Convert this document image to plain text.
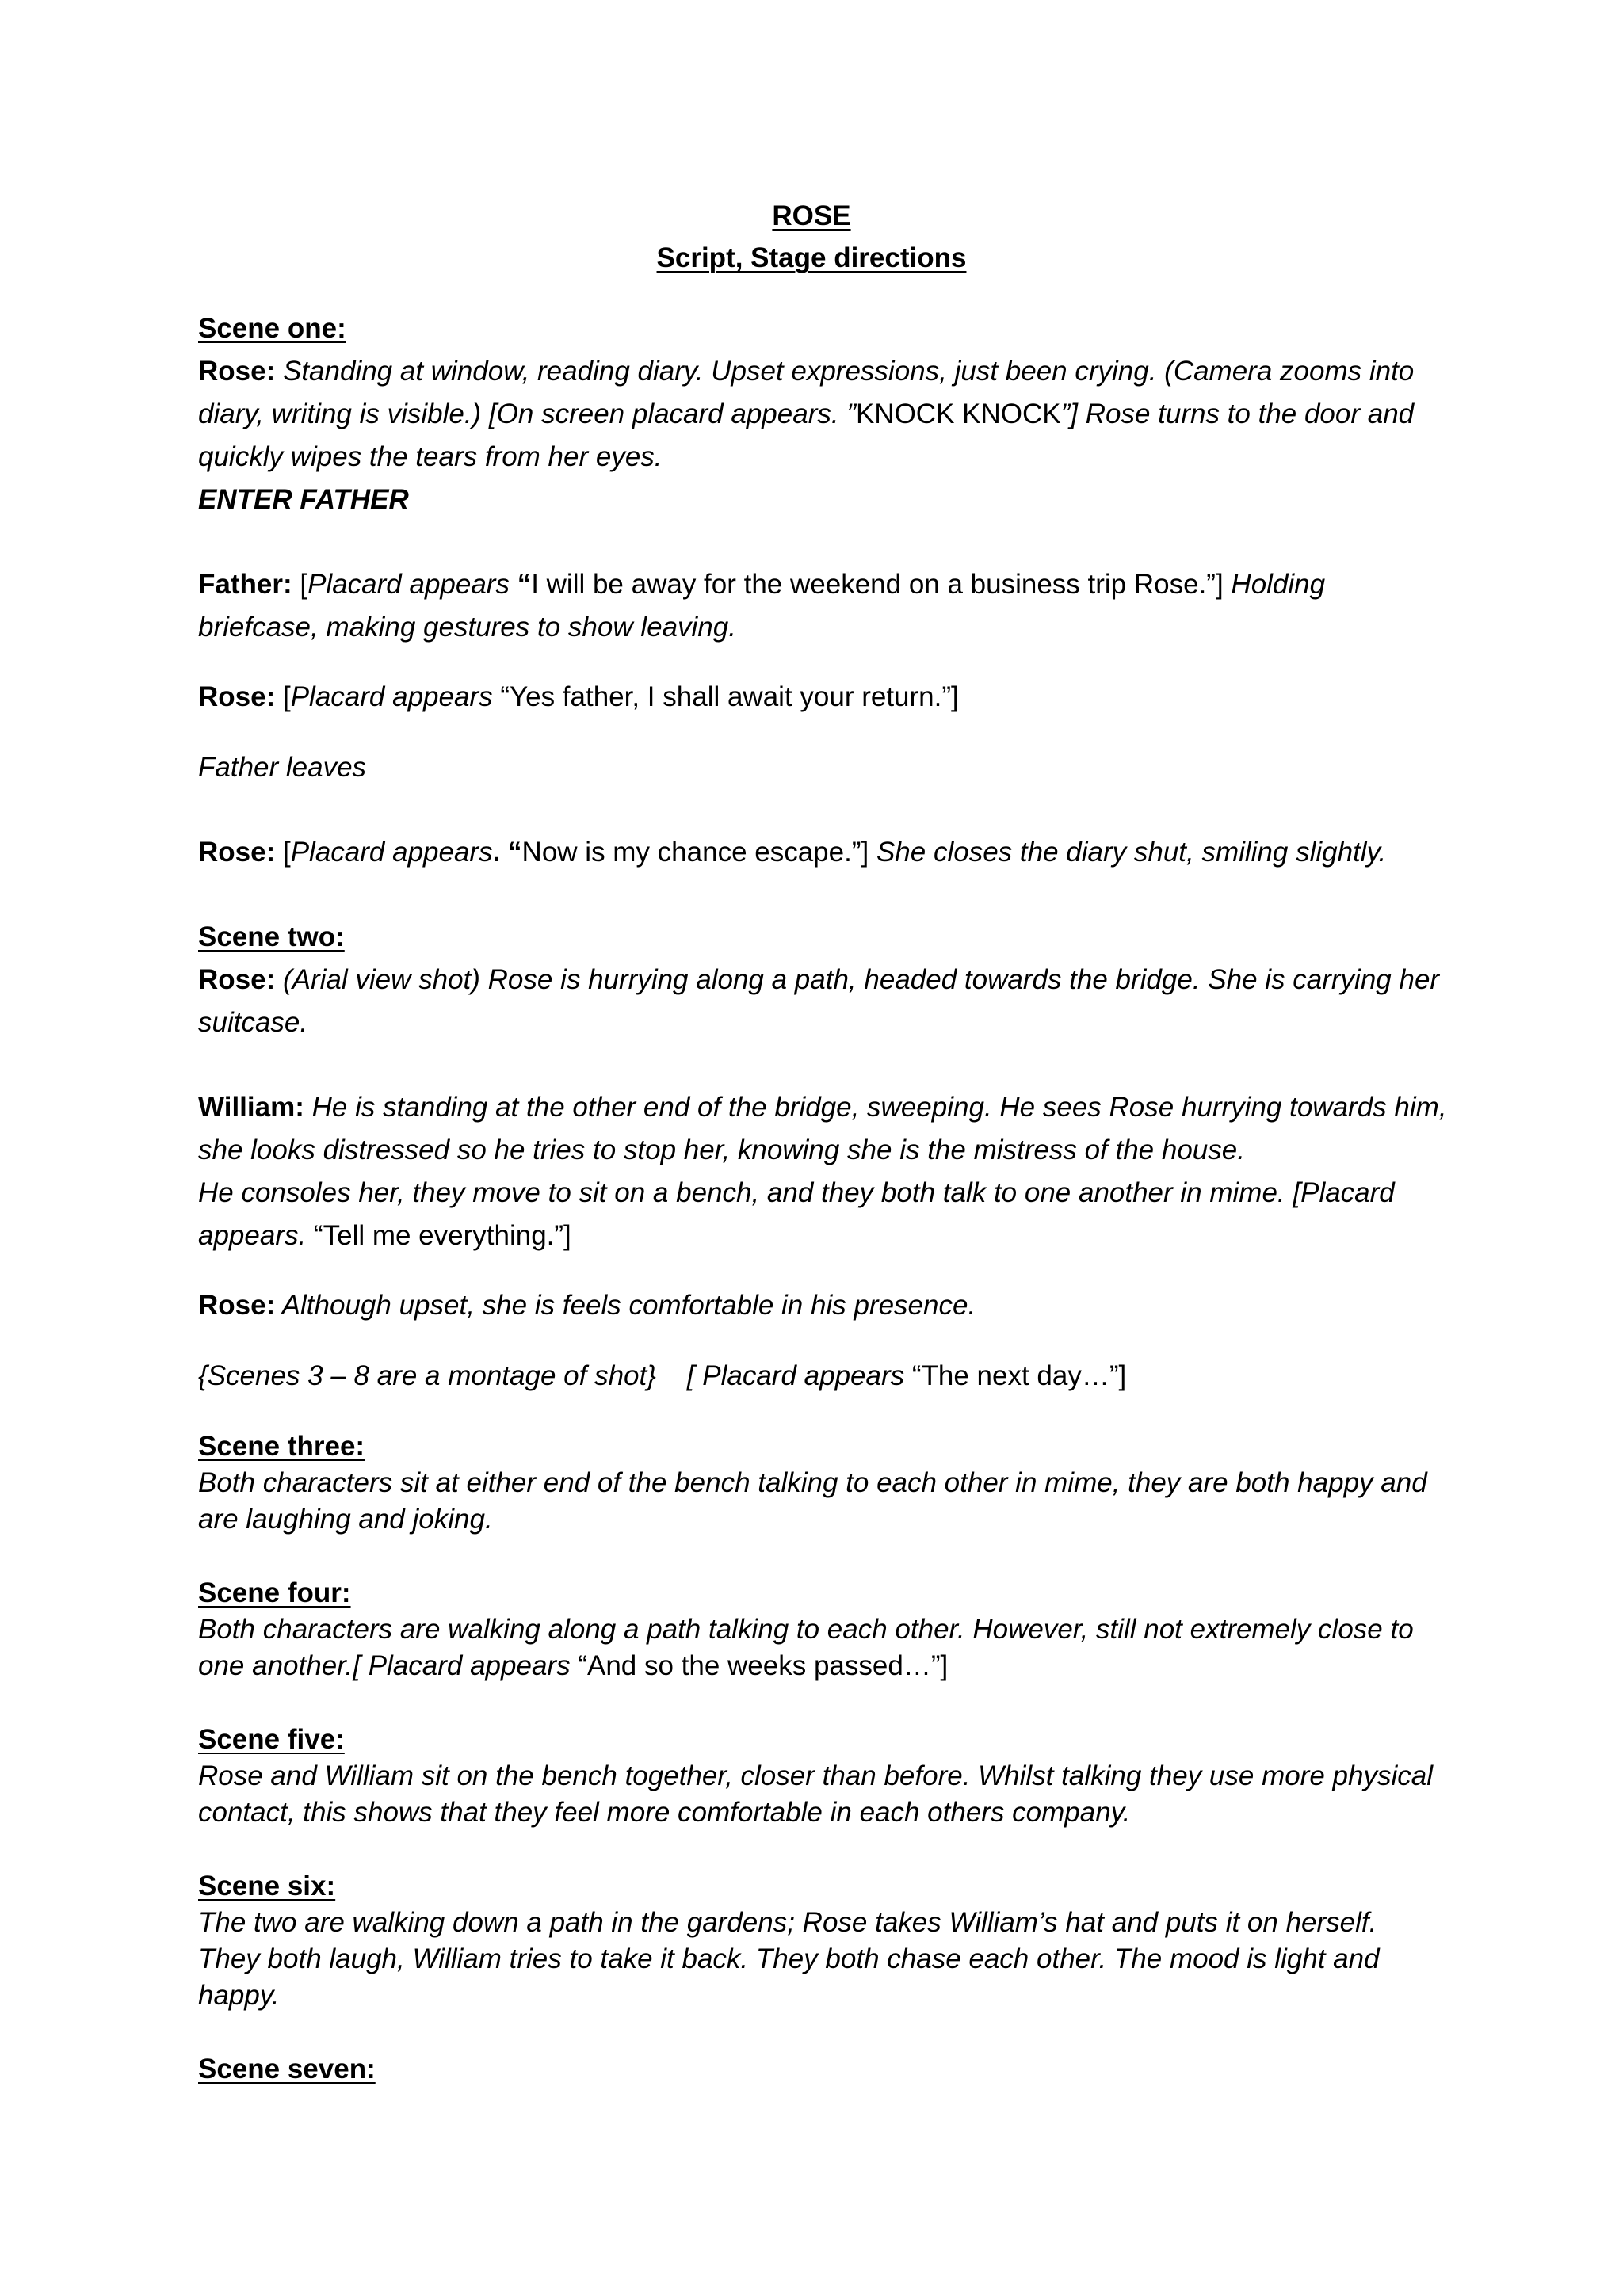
ROSE
Script, Stage directions
Scene one:
Rose: Standing at window, reading diary. Upset expressions, just been crying. (Camera zooms into
diary, writing is visible.) [On screen placard appears. ”KNOCK KNOCK”] Rose turns to the door and
quickly wipes the tears from her eyes.
ENTER FATHER
Father: [Placard appears “I will be away for the weekend on a business trip Rose.”] Holding
briefcase, making gestures to show leaving.
Rose: [Placard appears “Yes father, I shall await your return.”]
Father leaves
Rose: [Placard appears. “Now is my chance escape.”] She closes the diary shut, smiling slightly.
Scene two:
Rose: (Arial view shot) Rose is hurrying along a path, headed towards the bridge. She is carrying her
suitcase.
William: He is standing at the other end of the bridge, sweeping. He sees Rose hurrying towards him,
she looks distressed so he tries to stop her, knowing she is the mistress of the house.
He consoles her, they move to sit on a bench, and they both talk to one another in mime. [Placard
appears. “Tell me everything.”]
Rose: Although upset, she is feels comfortable in his presence.
{Scenes 3 – 8 are a montage of shot}    [ Placard appears “The next day…”]
Scene three:
Both characters sit at either end of the bench talking to each other in mime, they are both happy and
are laughing and joking.
Scene four:
Both characters are walking along a path talking to each other. However, still not extremely close to
one another.[ Placard appears “And so the weeks passed…”]
Scene five:
Rose and William sit on the bench together, closer than before. Whilst talking they use more physical
contact, this shows that they feel more comfortable in each others company.
Scene six:
The two are walking down a path in the gardens; Rose takes William’s hat and puts it on herself.
They both laugh, William tries to take it back. They both chase each other. The mood is light and
happy.
Scene seven:
